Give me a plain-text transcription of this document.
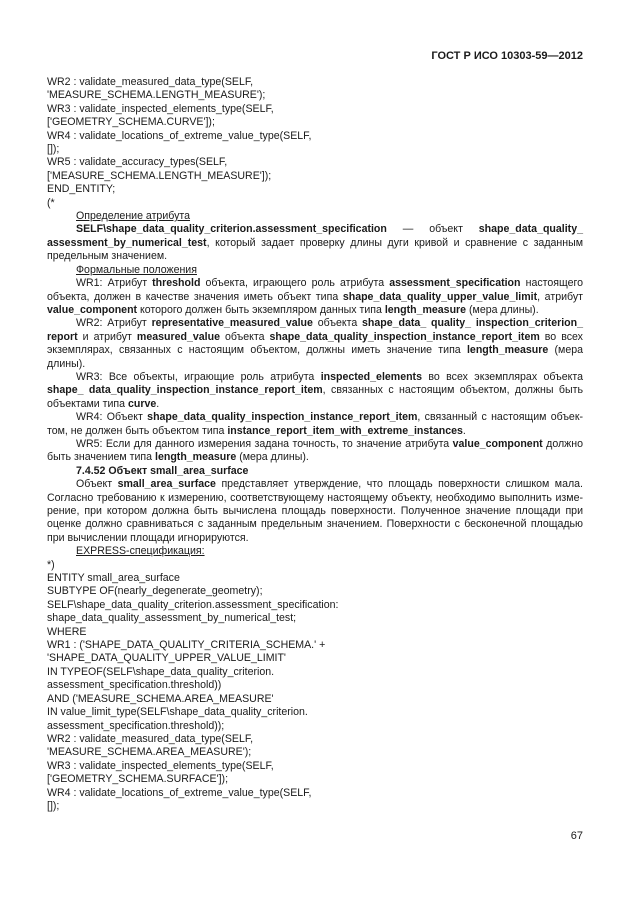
ГОСТ Р ИСО 10303-59—2012
WR2 : validate_measured_data_type(SELF,
'MEASURE_SCHEMA.LENGTH_MEASURE');
WR3 : validate_inspected_elements_type(SELF,
['GEOMETRY_SCHEMA.CURVE']);
WR4 : validate_locations_of_extreme_value_type(SELF,
[]);
WR5 : validate_accuracy_types(SELF,
['MEASURE_SCHEMA.LENGTH_MEASURE']);
END_ENTITY;
(*

Определение атрибута

SELF\shape_data_quality_criterion.assessment_specification — объект shape_data_quality_ assessment_by_numerical_test, который задает проверку длины дуги кривой и сравнение с заданным предельным значением.

Формальные положения

WR1: Атрибут threshold объекта, играющего роль атрибута assessment_specification настоящего объекта, должен в качестве значения иметь объект типа shape_data_quality_upper_value_limit, атрибут value_component которого должен быть экземпляром данных типа length_measure (мера длины).

WR2: Атрибут representative_measured_value объекта shape_data_ quality_ inspection_criterion_ report и атрибут measured_value объекта shape_data_quality_inspection_instance_report_item во всех экземплярах, связанных с настоящим объектом, должны иметь значение типа length_measure (мера длины).

WR3: Все объекты, играющие роль атрибута inspected_elements во всех экземплярах объекта shape_ data_quality_inspection_instance_report_item, связанных с настоящим объектом, должны быть объектами типа curve.

WR4: Объект shape_data_quality_inspection_instance_report_item, связанный с настоящим объектом, не должен быть объектом типа instance_report_item_with_extreme_instances.

WR5: Если для данного измерения задана точность, то значение атрибута value_component должно быть значением типа length_measure (мера длины).

7.4.52 Объект small_area_surface

Объект small_area_surface представляет утверждение, что площадь поверхности слишком мала. Согласно требованию к измерению, соответствующему настоящему объекту, необходимо выполнить измерение, при котором должна быть вычислена площадь поверхности. Полученное значение площади при оценке должно сравниваться с заданным предельным значением. Поверхности с бесконечной площадью при вычислении площади игнорируются.

EXPRESS-спецификация:

*)
ENTITY small_area_surface
SUBTYPE OF(nearly_degenerate_geometry);
SELF\shape_data_quality_criterion.assessment_specification:
shape_data_quality_assessment_by_numerical_test;
WHERE
WR1 : ('SHAPE_DATA_QUALITY_CRITERIA_SCHEMA.' +
'SHAPE_DATA_QUALITY_UPPER_VALUE_LIMIT'
IN TYPEOF(SELF\shape_data_quality_criterion.
assessment_specification.threshold))
AND ('MEASURE_SCHEMA.AREA_MEASURE'
IN value_limit_type(SELF\shape_data_quality_criterion.
assessment_specification.threshold));
WR2 : validate_measured_data_type(SELF,
'MEASURE_SCHEMA.AREA_MEASURE');
WR3 : validate_inspected_elements_type(SELF,
['GEOMETRY_SCHEMA.SURFACE']);
WR4 : validate_locations_of_extreme_value_type(SELF,
[]);
67
